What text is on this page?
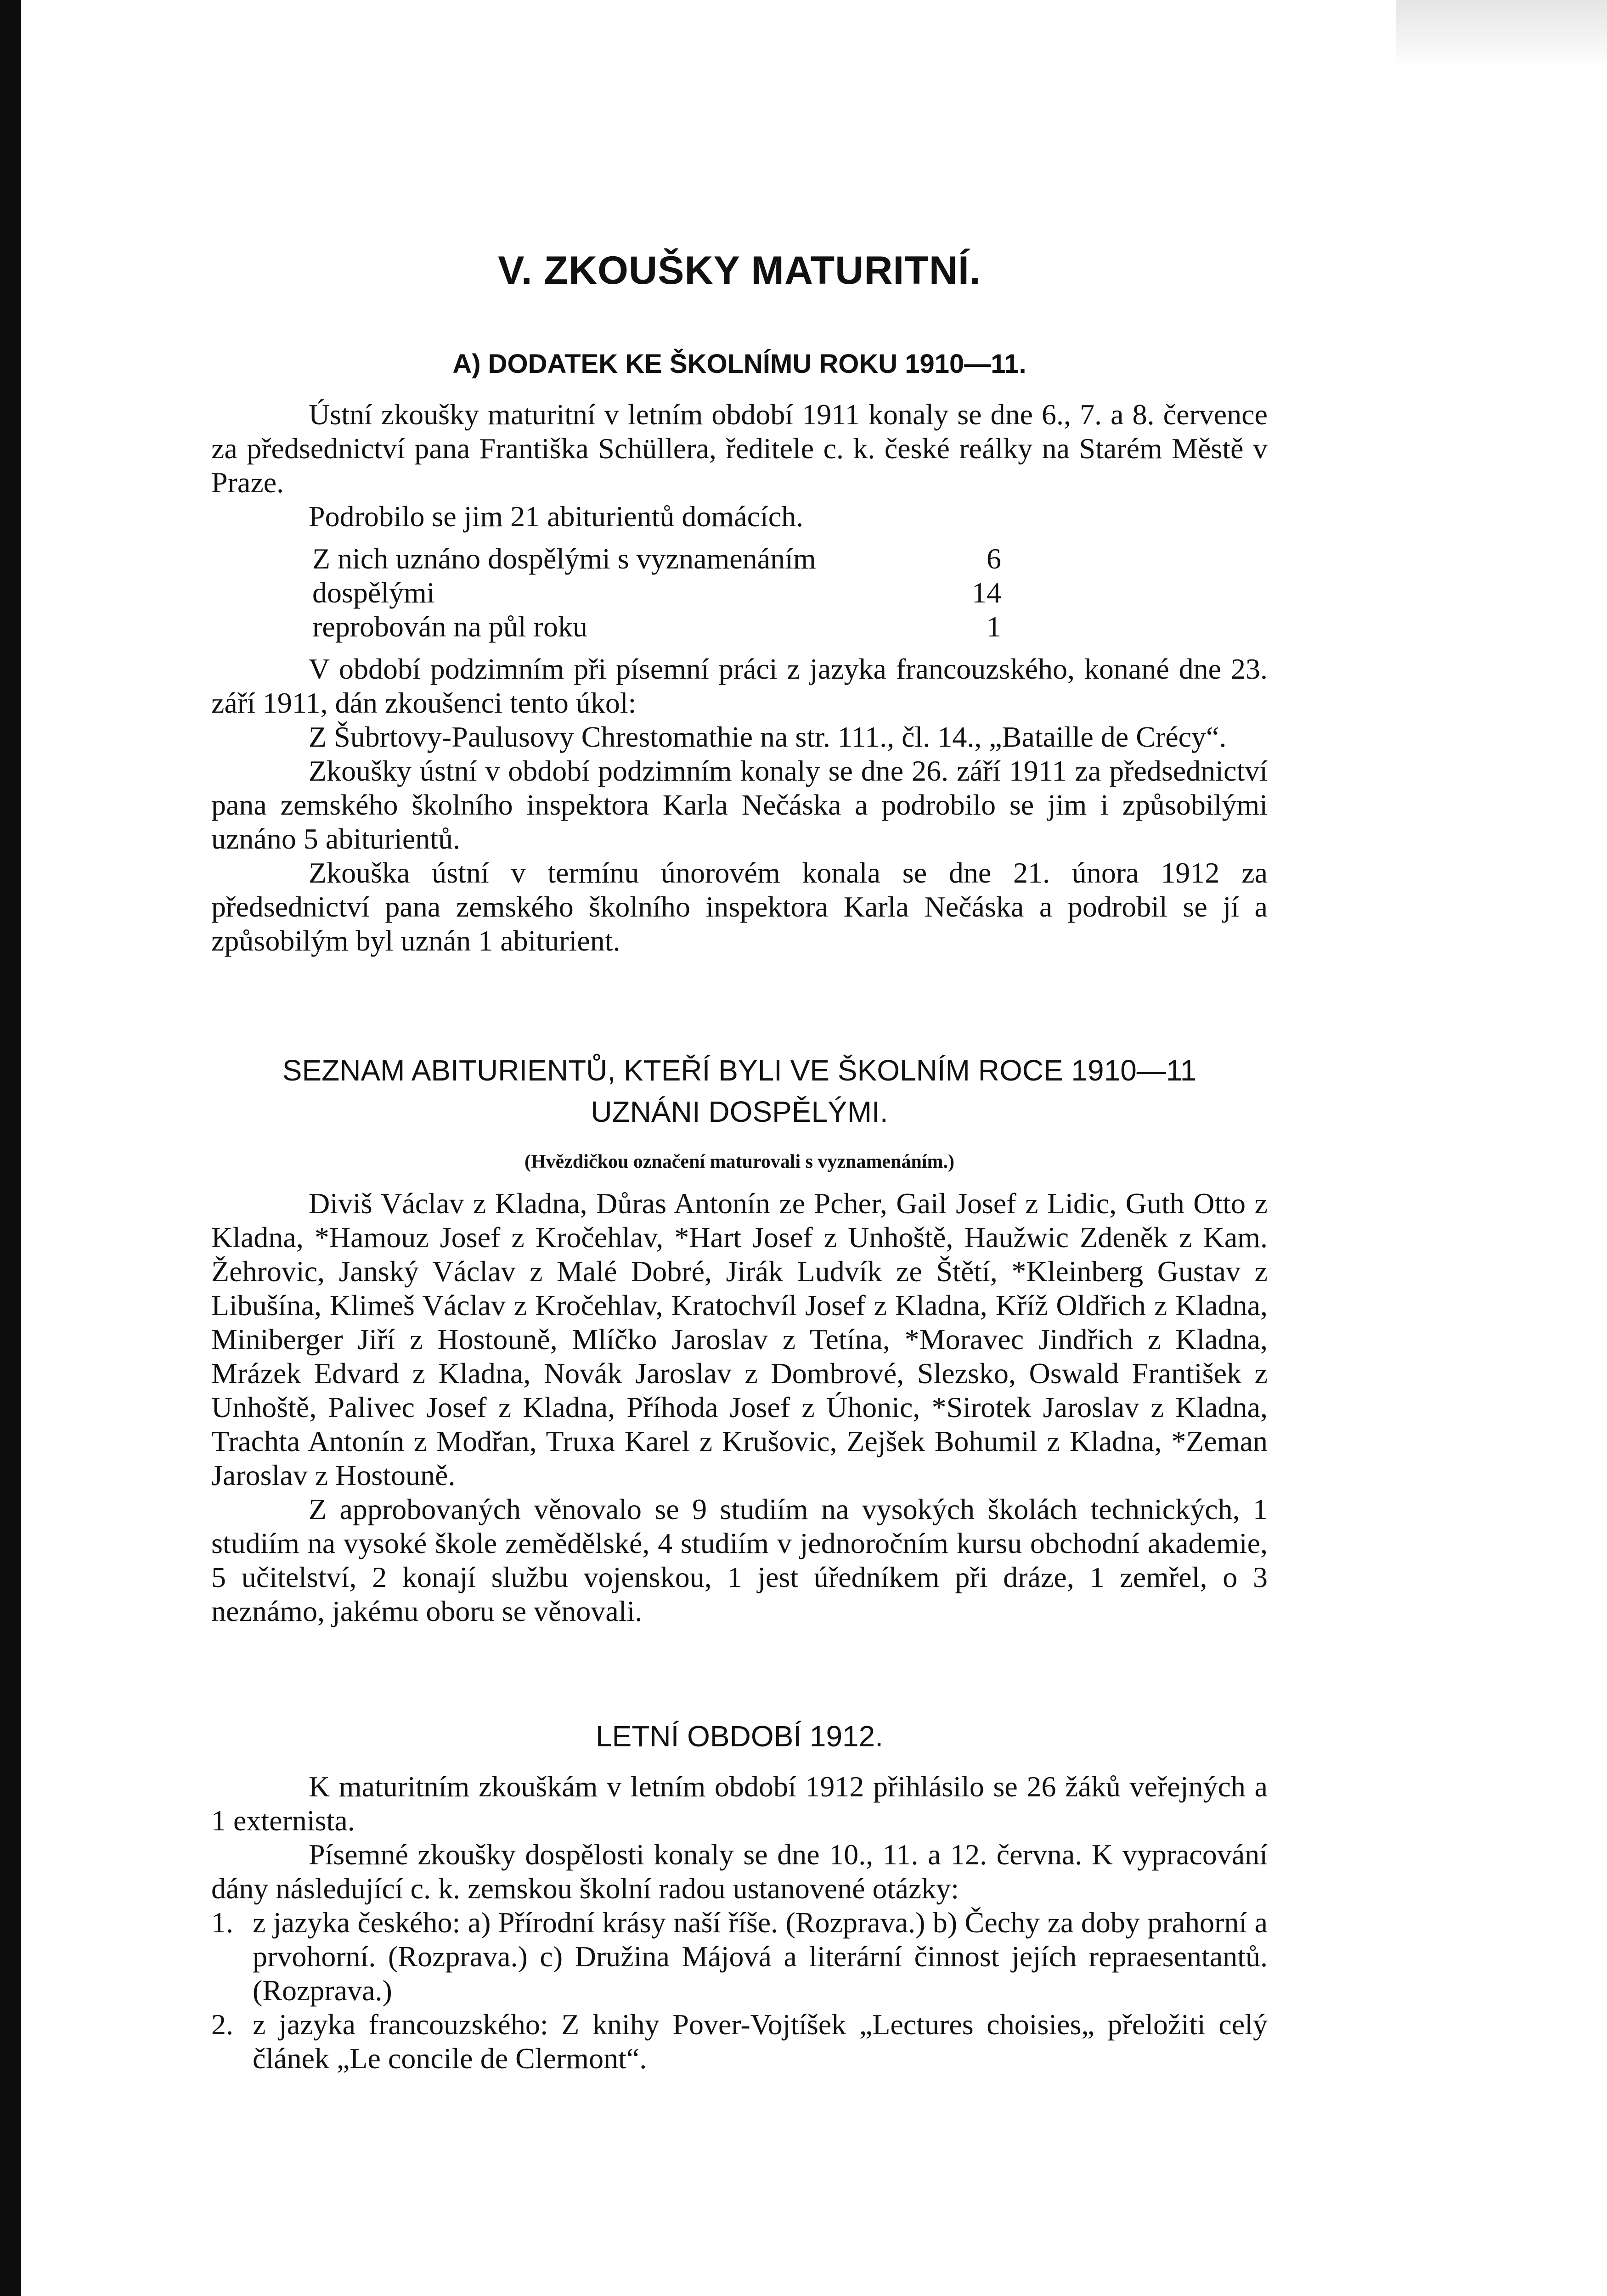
V. ZKOUŠKY MATURITNÍ.
A) DODATEK KE ŠKOLNÍMU ROKU 1910—11.

Ústní zkoušky maturitní v letním období 1911 konaly se dne 6., 7. a 8. července za předsednictví pana Františka Schüllera, ředitele c. k. české reálky na Starém Městě v Praze.

Podrobilo se jim 21 abiturientů domácích.

Z nich uznáno dospělými s vyznamenáním	6
dospělými	14
reprobován na půl roku	1

V období podzimním při písemní práci z jazyka francouzského, konané dne 23. září 1911, dán zkoušenci tento úkol:

Z Šubrtovy-Paulusovy Chrestomathie na str. 111., čl. 14., „Bataille de Crécy“.

Zkoušky ústní v období podzimním konaly se dne 26. září 1911 za předsednictví pana zemského školního inspektora Karla Nečáska a podrobilo se jim i způsobilými uznáno 5 abiturientů.

Zkouška ústní v termínu únorovém konala se dne 21. února 1912 za předsednictví pana zemského školního inspektora Karla Nečáska a podrobil se jí a způsobilým byl uznán 1 abiturient.

SEZNAM ABITURIENTŮ, KTEŘÍ BYLI VE ŠKOLNÍM ROCE 1910—11
UZNÁNI DOSPĚLÝMI.
(Hvězdičkou označení maturovali s vyznamenáním.)

Diviš Václav z Kladna, Důras Antonín ze Pcher, Gail Josef z Lidic, Guth Otto z Kladna, *Hamouz Josef z Kročehlav, *Hart Josef z Unhoště, Haužwic Zdeněk z Kam. Žehrovic, Janský Václav z Malé Dobré, Jirák Ludvík ze Štětí, *Kleinberg Gustav z Libušína, Klimeš Václav z Kročehlav, Kratochvíl Josef z Kladna, Kříž Oldřich z Kladna, Miniberger Jiří z Hostouně, Mlíčko Jaroslav z Tetína, *Moravec Jindřich z Kladna, Mrázek Edvard z Kladna, Novák Jaroslav z Dombrové, Slezsko, Oswald František z Unhoště, Palivec Josef z Kladna, Příhoda Josef z Úhonic, *Sirotek Jaroslav z Kladna, Trachta Antonín z Modřan, Truxa Karel z Krušovic, Zejšek Bohumil z Kladna, *Zeman Jaroslav z Hostouně.

Z approbovaných věnovalo se 9 studiím na vysokých školách technických, 1 studiím na vysoké škole zemědělské, 4 studiím v jednoročním kursu obchodní akademie, 5 učitelství, 2 konají službu vojenskou, 1 jest úředníkem při dráze, 1 zemřel, o 3 neznámo, jakému oboru se věnovali.

LETNÍ OBDOBÍ 1912.

K maturitním zkouškám v letním období 1912 přihlásilo se 26 žáků veřejných a 1 externista.

Písemné zkoušky dospělosti konaly se dne 10., 11. a 12. června. K vypracování dány následující c. k. zemskou školní radou ustanovené otázky:

1. z jazyka českého: a) Přírodní krásy naší říše. (Rozprava.) b) Čechy za doby prahorní a prvohorní. (Rozprava.) c) Družina Májová a literární činnost jejích repraesentantů. (Rozprava.)
2. z jazyka francouzského: Z knihy Pover-Vojtíšek „Lectures choisies„ přeložiti celý článek „Le concile de Clermont“.
